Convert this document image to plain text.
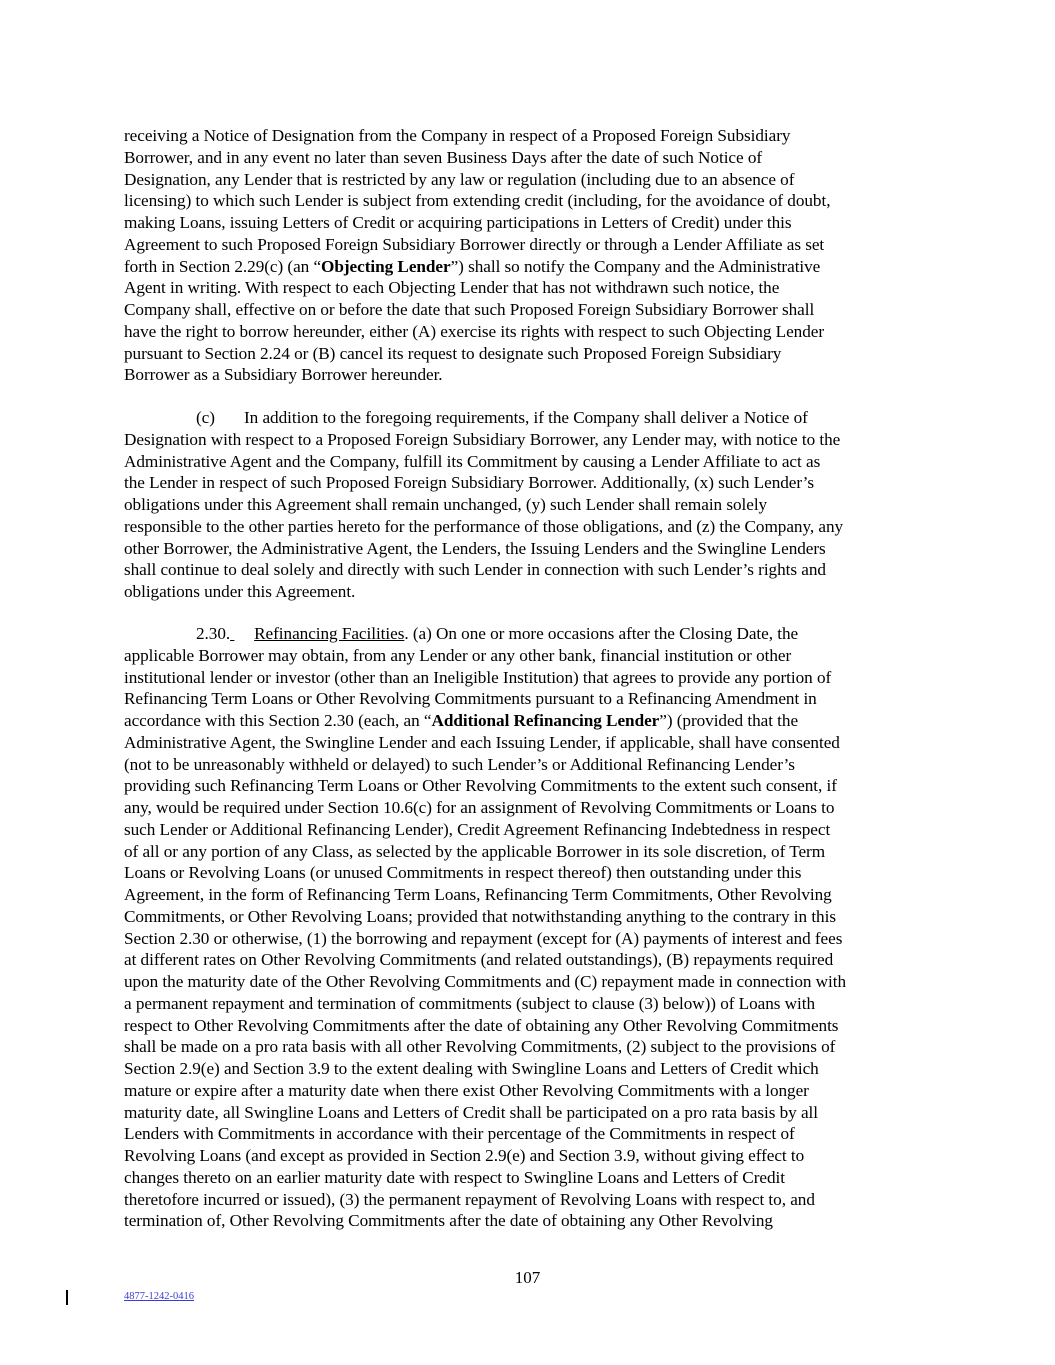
receiving a Notice of Designation from the Company in respect of a Proposed Foreign Subsidiary
Borrower, and in any event no later than seven Business Days after the date of such Notice of
Designation, any Lender that is restricted by any law or regulation (including due to an absence of
licensing) to which such Lender is subject from extending credit (including, for the avoidance of doubt,
making Loans, issuing Letters of Credit or acquiring participations in Letters of Credit) under this
Agreement to such Proposed Foreign Subsidiary Borrower directly or through a Lender Affiliate as set
forth in Section 2.29(c) (an “Objecting Lender”) shall so notify the Company and the Administrative
Agent in writing. With respect to each Objecting Lender that has not withdrawn such notice, the
Company shall, effective on or before the date that such Proposed Foreign Subsidiary Borrower shall
have the right to borrow hereunder, either (A) exercise its rights with respect to such Objecting Lender
pursuant to Section 2.24 or (B) cancel its request to designate such Proposed Foreign Subsidiary
Borrower as a Subsidiary Borrower hereunder.
(c) In addition to the foregoing requirements, if the Company shall deliver a Notice of
Designation with respect to a Proposed Foreign Subsidiary Borrower, any Lender may, with notice to the
Administrative Agent and the Company, fulfill its Commitment by causing a Lender Affiliate to act as
the Lender in respect of such Proposed Foreign Subsidiary Borrower. Additionally, (x) such Lender’s
obligations under this Agreement shall remain unchanged, (y) such Lender shall remain solely
responsible to the other parties hereto for the performance of those obligations, and (z) the Company, any
other Borrower, the Administrative Agent, the Lenders, the Issuing Lenders and the Swingline Lenders
shall continue to deal solely and directly with such Lender in connection with such Lender’s rights and
obligations under this Agreement.
2.30. Refinancing Facilities. (a) On one or more occasions after the Closing Date, the
applicable Borrower may obtain, from any Lender or any other bank, financial institution or other
institutional lender or investor (other than an Ineligible Institution) that agrees to provide any portion of
Refinancing Term Loans or Other Revolving Commitments pursuant to a Refinancing Amendment in
accordance with this Section 2.30 (each, an “Additional Refinancing Lender”) (provided that the
Administrative Agent, the Swingline Lender and each Issuing Lender, if applicable, shall have consented
(not to be unreasonably withheld or delayed) to such Lender’s or Additional Refinancing Lender’s
providing such Refinancing Term Loans or Other Revolving Commitments to the extent such consent, if
any, would be required under Section 10.6(c) for an assignment of Revolving Commitments or Loans to
such Lender or Additional Refinancing Lender), Credit Agreement Refinancing Indebtedness in respect
of all or any portion of any Class, as selected by the applicable Borrower in its sole discretion, of Term
Loans or Revolving Loans (or unused Commitments in respect thereof) then outstanding under this
Agreement, in the form of Refinancing Term Loans, Refinancing Term Commitments, Other Revolving
Commitments, or Other Revolving Loans; provided that notwithstanding anything to the contrary in this
Section 2.30 or otherwise, (1) the borrowing and repayment (except for (A) payments of interest and fees
at different rates on Other Revolving Commitments (and related outstandings), (B) repayments required
upon the maturity date of the Other Revolving Commitments and (C) repayment made in connection with
a permanent repayment and termination of commitments (subject to clause (3) below)) of Loans with
respect to Other Revolving Commitments after the date of obtaining any Other Revolving Commitments
shall be made on a pro rata basis with all other Revolving Commitments, (2) subject to the provisions of
Section 2.9(e) and Section 3.9 to the extent dealing with Swingline Loans and Letters of Credit which
mature or expire after a maturity date when there exist Other Revolving Commitments with a longer
maturity date, all Swingline Loans and Letters of Credit shall be participated on a pro rata basis by all
Lenders with Commitments in accordance with their percentage of the Commitments in respect of
Revolving Loans (and except as provided in Section 2.9(e) and Section 3.9, without giving effect to
changes thereto on an earlier maturity date with respect to Swingline Loans and Letters of Credit
theretofore incurred or issued), (3) the permanent repayment of Revolving Loans with respect to, and
termination of, Other Revolving Commitments after the date of obtaining any Other Revolving
107
4877-1242-0416
